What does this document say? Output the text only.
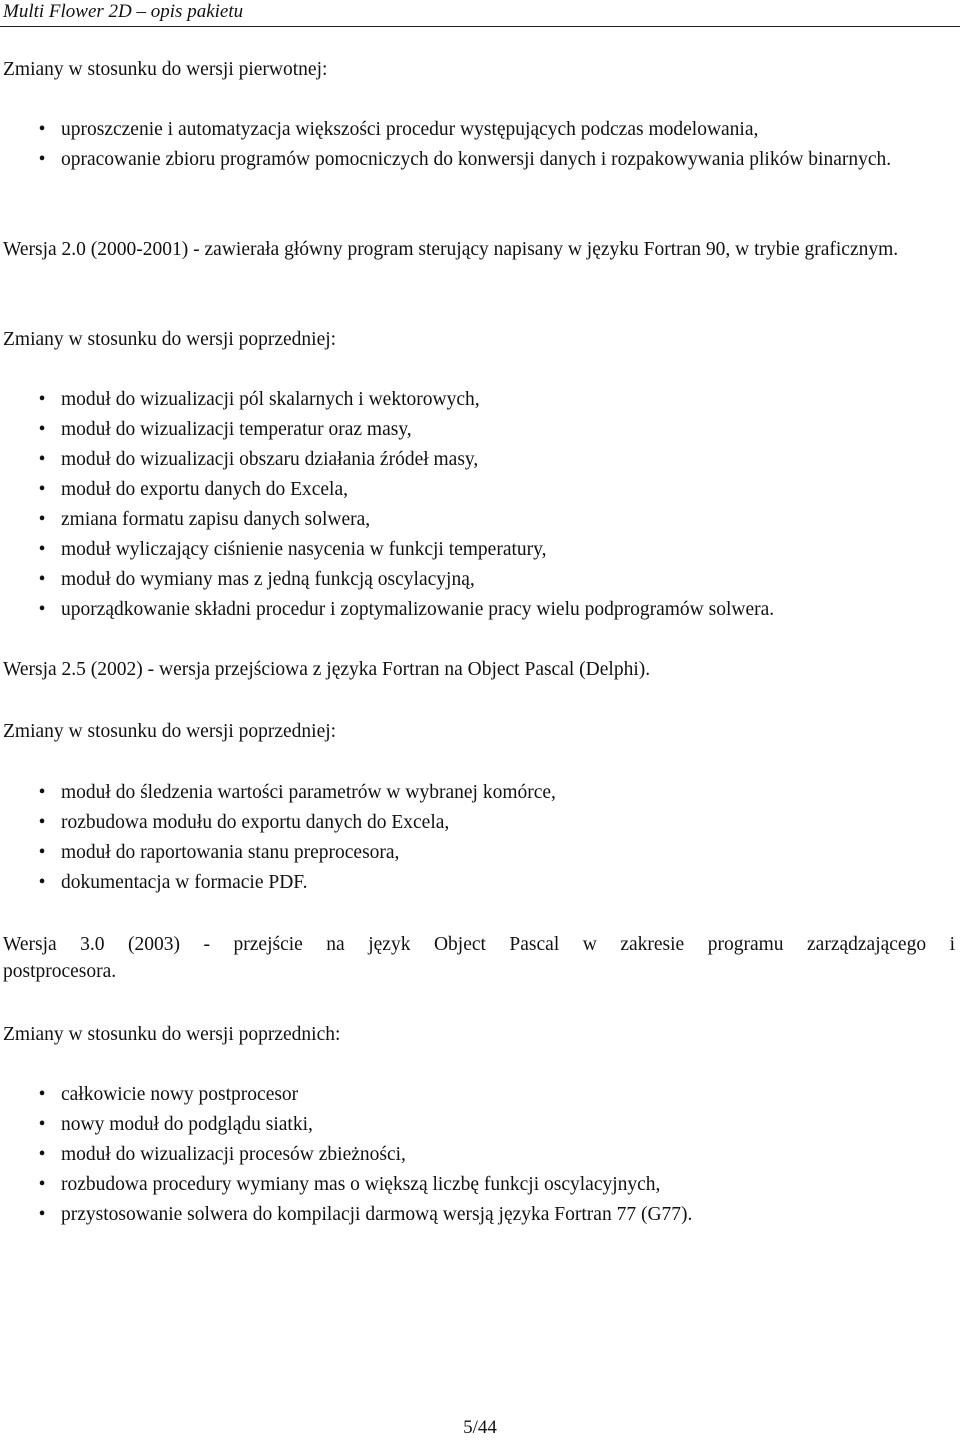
Multi Flower 2D – opis pakietu
Zmiany w stosunku do wersji pierwotnej:
• uproszczenie i automatyzacja większości procedur występujących podczas modelowania,
• opracowanie zbioru programów pomocniczych do konwersji danych i rozpakowywania plików binarnych.
Wersja 2.0 (2000-2001) - zawierała główny program sterujący napisany w języku Fortran 90, w trybie graficznym.
Zmiany w stosunku do wersji poprzedniej:
• moduł do wizualizacji pól skalarnych i wektorowych,
• moduł do wizualizacji temperatur oraz masy,
• moduł do wizualizacji obszaru działania źródeł masy,
• moduł do exportu danych do Excela,
• zmiana formatu zapisu danych solwera,
• moduł wyliczający ciśnienie nasycenia w funkcji temperatury,
• moduł do wymiany mas z jedną funkcją oscylacyjną,
• uporządkowanie składni procedur i zoptymalizowanie pracy wielu podprogramów solwera.
Wersja 2.5 (2002) - wersja przejściowa z języka Fortran na Object Pascal (Delphi).
Zmiany w stosunku do wersji poprzedniej:
• moduł do śledzenia wartości parametrów w wybranej komórce,
• rozbudowa modułu do exportu danych do Excela,
• moduł do raportowania stanu preprocesora,
• dokumentacja w formacie PDF.
Wersja 3.0 (2003) - przejście na język Object Pascal w zakresie programu zarządzającego i
postprocesora.
Zmiany w stosunku do wersji poprzednich:
• całkowicie nowy postprocesor
• nowy moduł do podglądu siatki,
• moduł do wizualizacji procesów zbieżności,
• rozbudowa procedury wymiany mas o większą liczbę funkcji oscylacyjnych,
• przystosowanie solwera do kompilacji darmową wersją języka Fortran 77 (G77).
5/44
